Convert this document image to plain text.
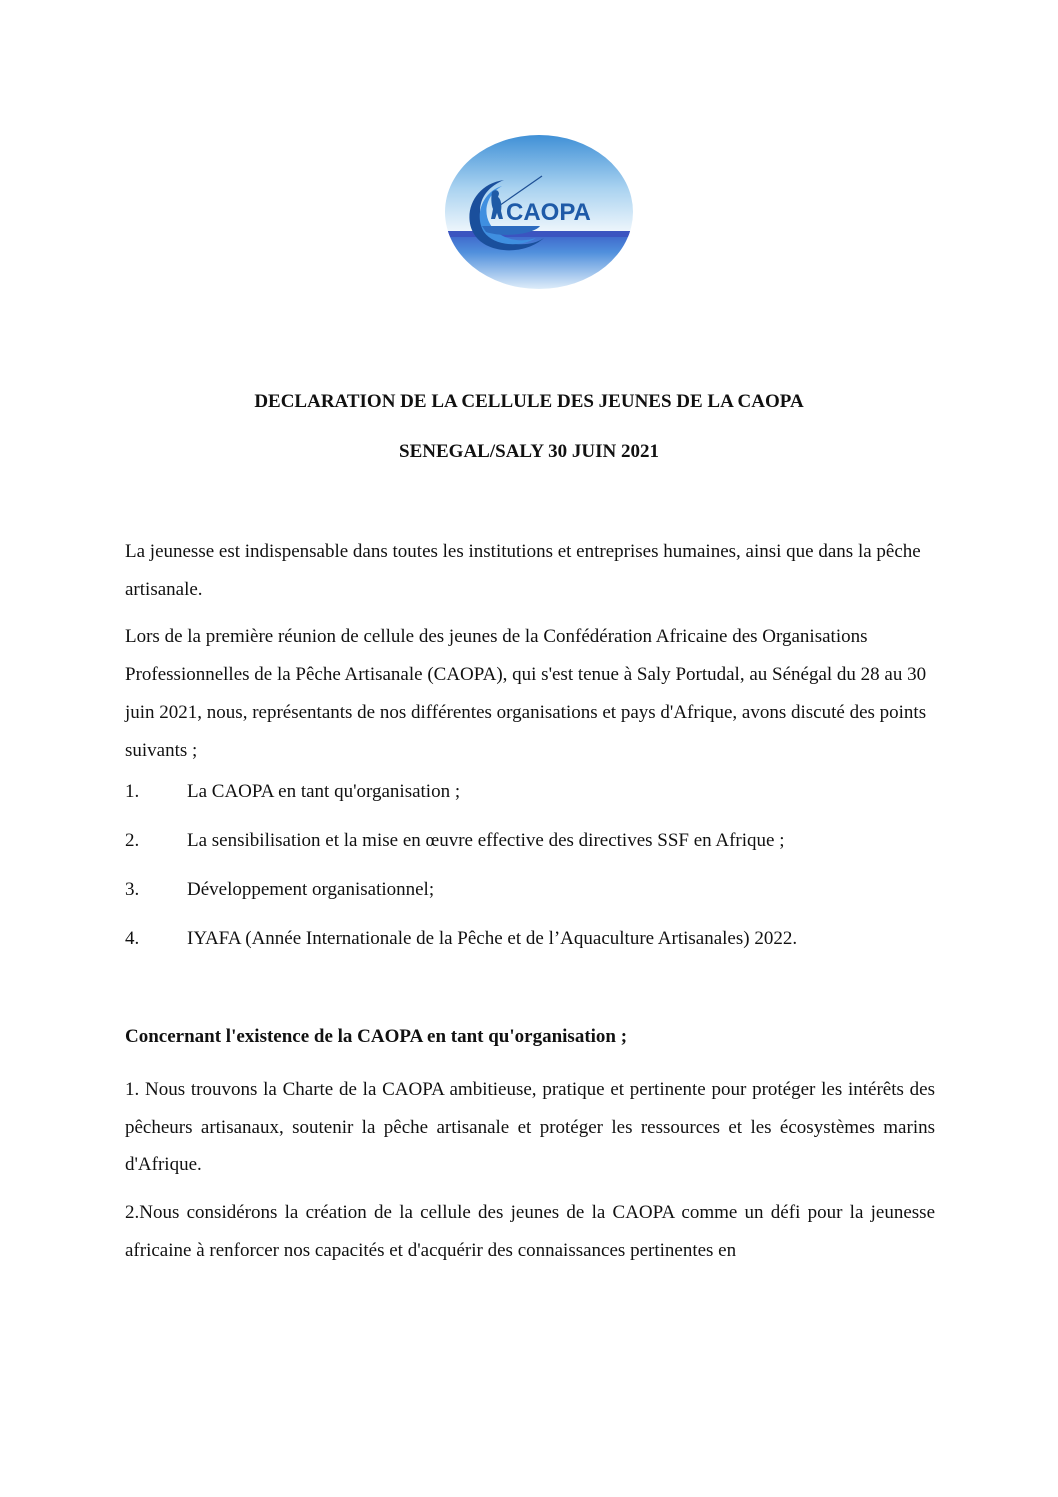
CAOPA
DECLARATION DE LA CELLULE DES JEUNES DE LA CAOPA
SENEGAL/SALY 30 JUIN 2021

La jeunesse est indispensable dans toutes les institutions et entreprises humaines, ainsi que dans la pêche artisanale.

Lors de la première réunion de cellule des jeunes de la Confédération Africaine des Organisations Professionnelles de la Pêche Artisanale (CAOPA), qui s'est tenue à Saly Portudal, au Sénégal du 28 au 30 juin 2021, nous, représentants de nos différentes organisations et pays d'Afrique, avons discuté des points suivants ;

1.	La CAOPA en tant qu'organisation ;
2.	La sensibilisation et la mise en œuvre effective des directives SSF en Afrique ;
3.	Développement organisationnel;
4.	IYAFA (Année Internationale de la Pêche et de l’Aquaculture Artisanales) 2022.
Concernant l'existence de la CAOPA en tant qu'organisation ;

1. Nous trouvons la Charte de la CAOPA ambitieuse, pratique et pertinente pour protéger les intérêts des pêcheurs artisanaux, soutenir la pêche artisanale et protéger les ressources et les écosystèmes marins d'Afrique.

2.Nous considérons la création de la cellule des jeunes de la CAOPA comme un défi pour la jeunesse africaine à renforcer nos capacités et d'acquérir des connaissances pertinentes en
